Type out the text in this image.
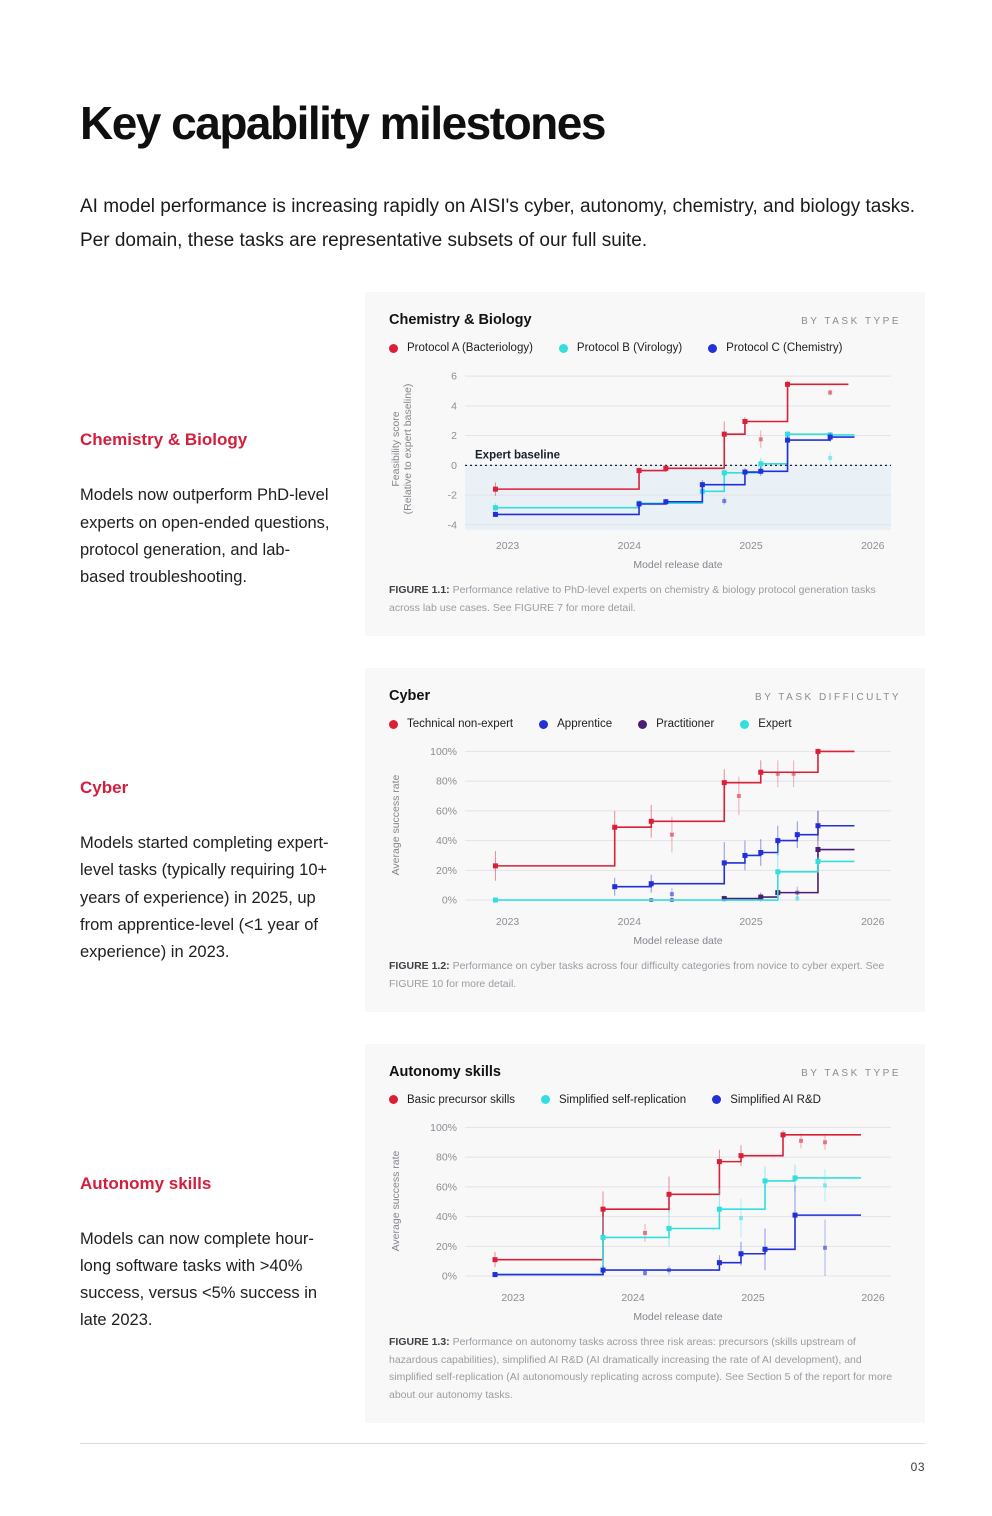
Key capability milestones

AI model performance is increasing rapidly on AISI's cyber, autonomy, chemistry, and biology tasks. Per domain, these tasks are representative subsets of our full suite.

Chemistry & Biology

Models now outperform PhD-level experts on open-ended questions, protocol generation, and lab-based troubleshooting.

Chemistry & Biology	BY TASK TYPE
Protocol A (Bacteriology)	Protocol B (Virology)	Protocol C (Chemistry)
6
4
2
0
-2
-4
2023	2024	2025	2026
Expert baseline
Feasibility score (Relative to expert baseline)
Model release date

FIGURE 1.1: Performance relative to PhD-level experts on chemistry & biology protocol generation tasks across lab use cases. See FIGURE 7 for more detail.

Cyber

Models started completing expert-level tasks (typically requiring 10+ years of experience) in 2025, up from apprentice-level (<1 year of experience) in 2023.

Cyber	BY TASK DIFFICULTY
Technical non-expert	Apprentice	Practitioner	Expert
100%
80%
60%
40%
20%
0%
2023	2024	2025	2026
Average success rate
Model release date

FIGURE 1.2: Performance on cyber tasks across four difficulty categories from novice to cyber expert. See FIGURE 10 for more detail.

Autonomy skills

Models can now complete hour-long software tasks with >40% success, versus <5% success in late 2023.

Autonomy skills	BY TASK TYPE
Basic precursor skills	Simplified self-replication	Simplified AI R&D
100%
80%
60%
40%
20%
0%
2023	2024	2025	2026
Average success rate
Model release date

FIGURE 1.3: Performance on autonomy tasks across three risk areas: precursors (skills upstream of hazardous capabilities), simplified AI R&D (AI dramatically increasing the rate of AI development), and simplified self-replication (AI autonomously replicating across compute). See Section 5 of the report for more about our autonomy tasks.

03
